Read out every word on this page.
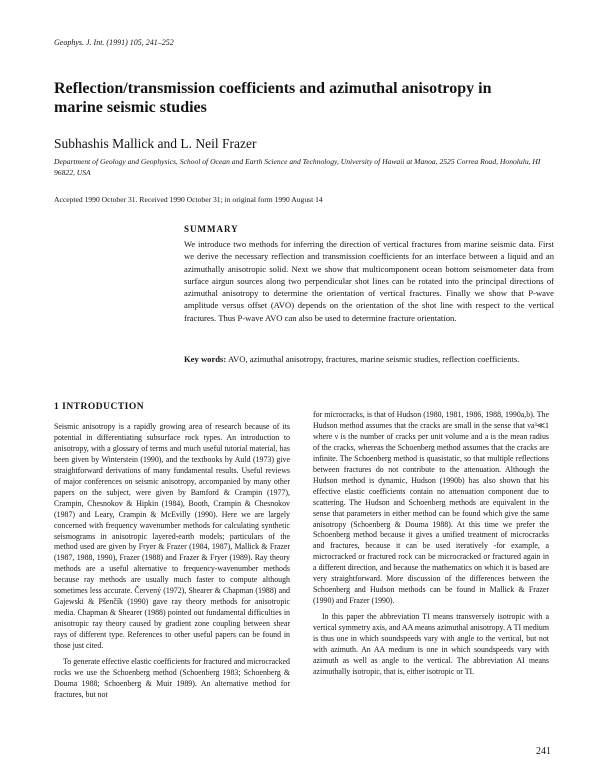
Geophys. J. Int. (1991) 105, 241–252
Reflection/transmission coefficients and azimuthal anisotropy in marine seismic studies
Subhashis Mallick and L. Neil Frazer
Department of Geology and Geophysics, School of Ocean and Earth Science and Technology, University of Hawaii at Manoa, 2525 Correa Road, Honolulu, HI 96822, USA
Accepted 1990 October 31. Received 1990 October 31; in original form 1990 August 14
SUMMARY
We introduce two methods for inferring the direction of vertical fractures from marine seismic data. First we derive the necessary reflection and transmission coefficients for an interface between a liquid and an azimuthally anisotropic solid. Next we show that multicomponent ocean bottom seismometer data from surface airgun sources along two perpendicular shot lines can be rotated into the principal directions of azimuthal anisotropy to determine the orientation of vertical fractures. Finally we show that P-wave amplitude versus offset (AVO) depends on the orientation of the shot line with respect to the vertical fractures. Thus P-wave AVO can also be used to determine fracture orientation.
Key words: AVO, azimuthal anisotropy, fractures, marine seismic studies, reflection coefficients.
1 INTRODUCTION

Seismic anisotropy is a rapidly growing area of research because of its potential in differentiating subsurface rock types. An introduction to anisotropy, with a glossary of terms and much useful tutorial material, has been given by Winterstein (1990), and the textbooks by Auld (1973) give straightforward derivations of many fundamental results. Useful reviews of major conferences on seismic anisotropy, accompanied by many other papers on the subject, were given by Bamford & Crampin (1977), Crampin, Chesnokov & Hipkin (1984), Booth, Crampin & Chesnokov (1987) and Leary, Crampin & McEvilly (1990). Here we are largely concerned with frequency wavenumber methods for calculating synthetic seismograms in anisotropic layered-earth models; particulars of the method used are given by Fryer & Frazer (1984, 1987), Mallick & Frazer (1987, 1988, 1990), Frazer (1988) and Frazer & Fryer (1989). Ray theory methods are a useful alternative to frequency-wavenumber methods because ray methods are usually much faster to compute although sometimes less accurate. Červený (1972), Shearer & Chapman (1988) and Gajewski & Pšenčík (1990) gave ray theory methods for anisotropic media. Chapman & Shearer (1988) pointed out fundamental difficulties in anisotropic ray theory caused by gradient zone coupling between shear rays of different type. References to other useful papers can be found in those just cited.

To generate effective elastic coefficients for fractured and microcracked rocks we use the Schoenberg method (Schoenberg 1983; Schoenberg & Douma 1988; Schoenberg & Muir 1989). An alternative method for fractures, but not

for microcracks, is that of Hudson (1980, 1981, 1986, 1988, 1990a,b). The Hudson method assumes that the cracks are small in the sense that νa³≪1 where ν is the number of cracks per unit volume and a is the mean radius of the cracks, whereas the Schoenberg method assumes that the cracks are infinite. The Schoenberg method is quasistatic, so that multiple reflections between fractures do not contribute to the attenuation. Although the Hudson method is dynamic, Hudson (1990b) has also shown that his effective elastic coefficients contain no attenuation component due to scattering. The Hudson and Schoenberg methods are equivalent in the sense that parameters in either method can be found which give the same anisotropy (Schoenberg & Douma 1988). At this time we prefer the Schoenberg method because it gives a unified treatment of microcracks and fractures, because it can be used iteratively -for example, a microcracked or fractured rock can be microcracked or fractured again in a different direction, and because the mathematics on which it is based are very straightforward. More discussion of the differences between the Schoenberg and Hudson methods can be found in Mallick & Frazer (1990) and Frazer (1990).

In this paper the abbreviation TI means transversely isotropic with a vertical symmetry axis, and AA means azimuthal anisotropy. A TI medium is thus one in which soundspeeds vary with angle to the vertical, but not with azimuth. An AA medium is one in which soundspeeds vary with azimuth as well as angle to the vertical. The abbreviation AI means azimuthally isotropic, that is, either isotropic or TI.

241
